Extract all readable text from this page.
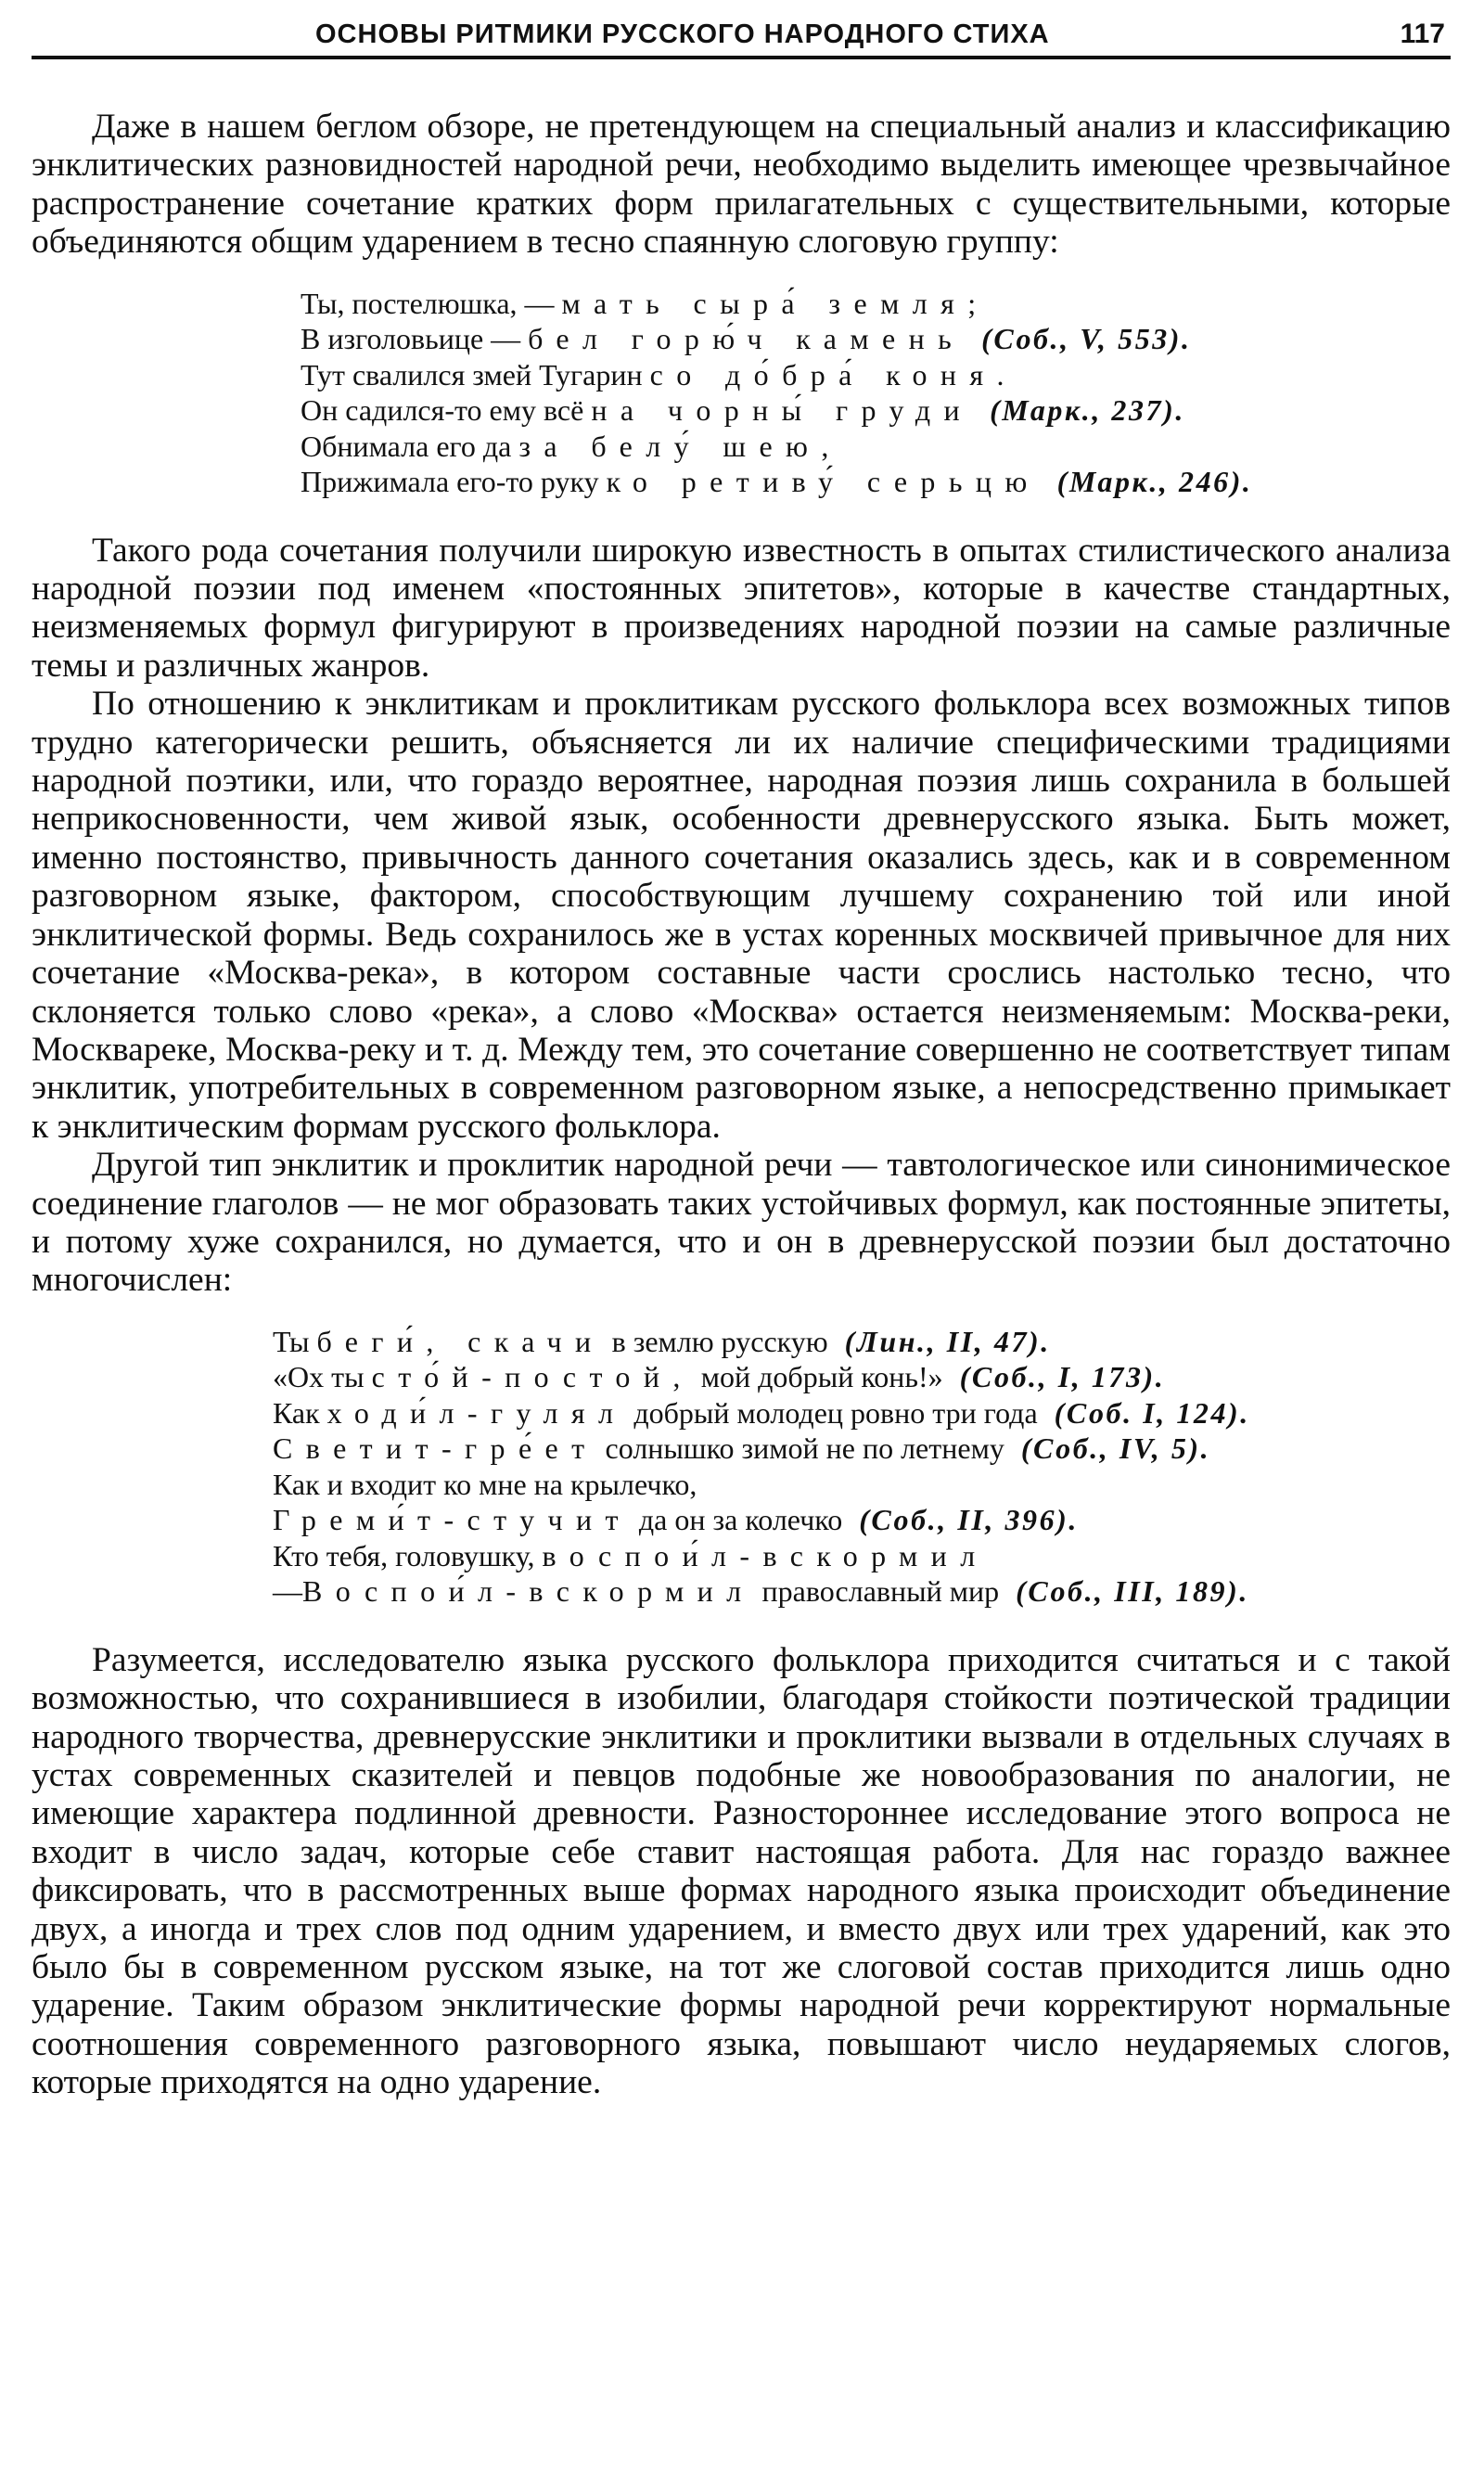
ОСНОВЫ РИТМИКИ РУССКОГО НАРОДНОГО СТИХА	117

Даже в нашем беглом обзоре, не претендующем на специальный анализ и классификацию энклитических разновидностей народной речи, необходимо выделить имеющее чрезвычайное распространение сочетание кратких форм прилагательных с существительными, которые объединяются общим ударением в тесно спаянную слоговую группу:

Ты, постелюшка, — мать сыра́ земля;
В изголовьице — бел горю́ч камень (Соб., V, 553).
Тут свалился змей Тугарин со до́бра́ коня.
Он садился-то ему всё на чорны́ груди (Марк., 237).
Обнимала его да за белу́ шею,
Прижимала его-то руку ко ретиву́ серьцю (Марк., 246).

Такого рода сочетания получили широкую известность в опытах стилистического анализа народной поэзии под именем «постоянных эпитетов», которые в качестве стандартных, неизменяемых формул фигурируют в произведениях народной поэзии на самые различные темы и различных жанров.

По отношению к энклитикам и проклитикам русского фольклора всех возможных типов трудно категорически решить, объясняется ли их наличие специфическими традициями народной поэтики, или, что гораздо вероятнее, народная поэзия лишь сохранила в большей неприкосновенности, чем живой язык, особенности древнерусского языка. Быть может, именно постоянство, привычность данного сочетания оказались здесь, как и в современном разговорном языке, фактором, способствующим лучшему сохранению той или иной энклитической формы. Ведь сохранилось же в устах коренных москвичей привычное для них сочетание «Москва-река», в котором составные части срослись настолько тесно, что склоняется только слово «река», а слово «Москва» остается неизменяемым: Москва-реки, Москвареке, Москва-реку и т. д. Между тем, это сочетание совершенно не соответствует типам энклитик, употребительных в современном разговорном языке, а непосредственно примыкает к энклитическим формам русского фольклора.

Другой тип энклитик и проклитик народной речи — тавтологическое или синонимическое соединение глаголов — не мог образовать таких устойчивых формул, как постоянные эпитеты, и потому хуже сохранился, но думается, что и он в древнерусской поэзии был достаточно многочислен:

Ты беги́, скачи в землю русскую (Лин., II, 47).
«Ох ты сто́й-постой, мой добрый конь!» (Соб., I, 173).
Как ходи́л-гулял добрый молодец ровно три года (Соб. I, 124).
Светит-гре́ет солнышко зимой не по летнему (Соб., IV, 5).
Как и входит ко мне на крылечко,
Греми́т-стучит да он за колечко (Соб., II, 396).
Кто тебя, головушку, воспои́л-вскормил
—Воспои́л-вскормил православный мир (Соб., III, 189).

Разумеется, исследователю языка русского фольклора приходится считаться и с такой возможностью, что сохранившиеся в изобилии, благодаря стойкости поэтической традиции народного творчества, древнерусские энклитики и проклитики вызвали в отдельных случаях в устах современных сказителей и певцов подобные же новообразования по аналогии, не имеющие характера подлинной древности. Разностороннее исследование этого вопроса не входит в число задач, которые себе ставит настоящая работа. Для нас гораздо важнее фиксировать, что в рассмотренных выше формах народного языка происходит объединение двух, а иногда и трех слов под одним ударением, и вместо двух или трех ударений, как это было бы в современном русском языке, на тот же слоговой состав приходится лишь одно ударение. Таким образом энклитические формы народной речи корректируют нормальные соотношения современного разговорного языка, повышают число неударяемых слогов, которые приходятся на одно ударение.
